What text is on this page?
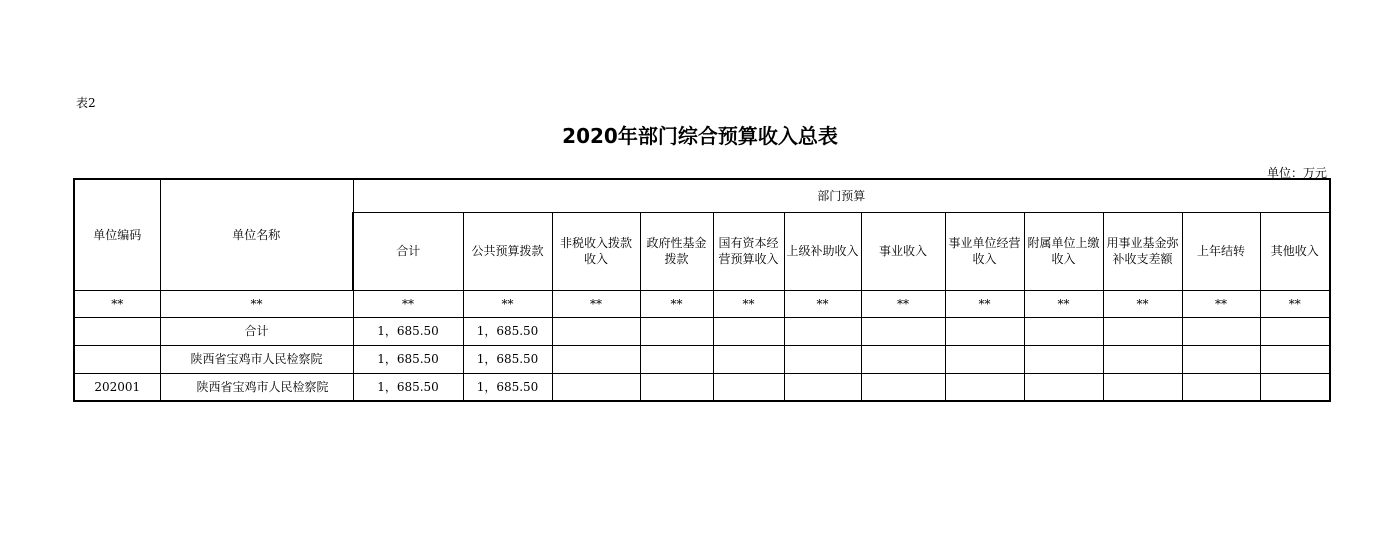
表2
2020年部门综合预算收入总表
单位：万元
单位编码	单位名称	部门预算											
		合计	公共预算拨款	非税收入拨款收入	政府性基金拨款	国有资本经营预算收入	上级补助收入	事业收入	事业单位经营收入	附属单位上缴收入	用事业基金弥补收支差额	上年结转	其他收入
**	**	**	**	**	**	**	**	**	**	**	**	**	**
	合计	1，685.50	1，685.50										
	陕西省宝鸡市人民检察院	1，685.50	1，685.50										
202001	陕西省宝鸡市人民检察院	1，685.50	1，685.50										
